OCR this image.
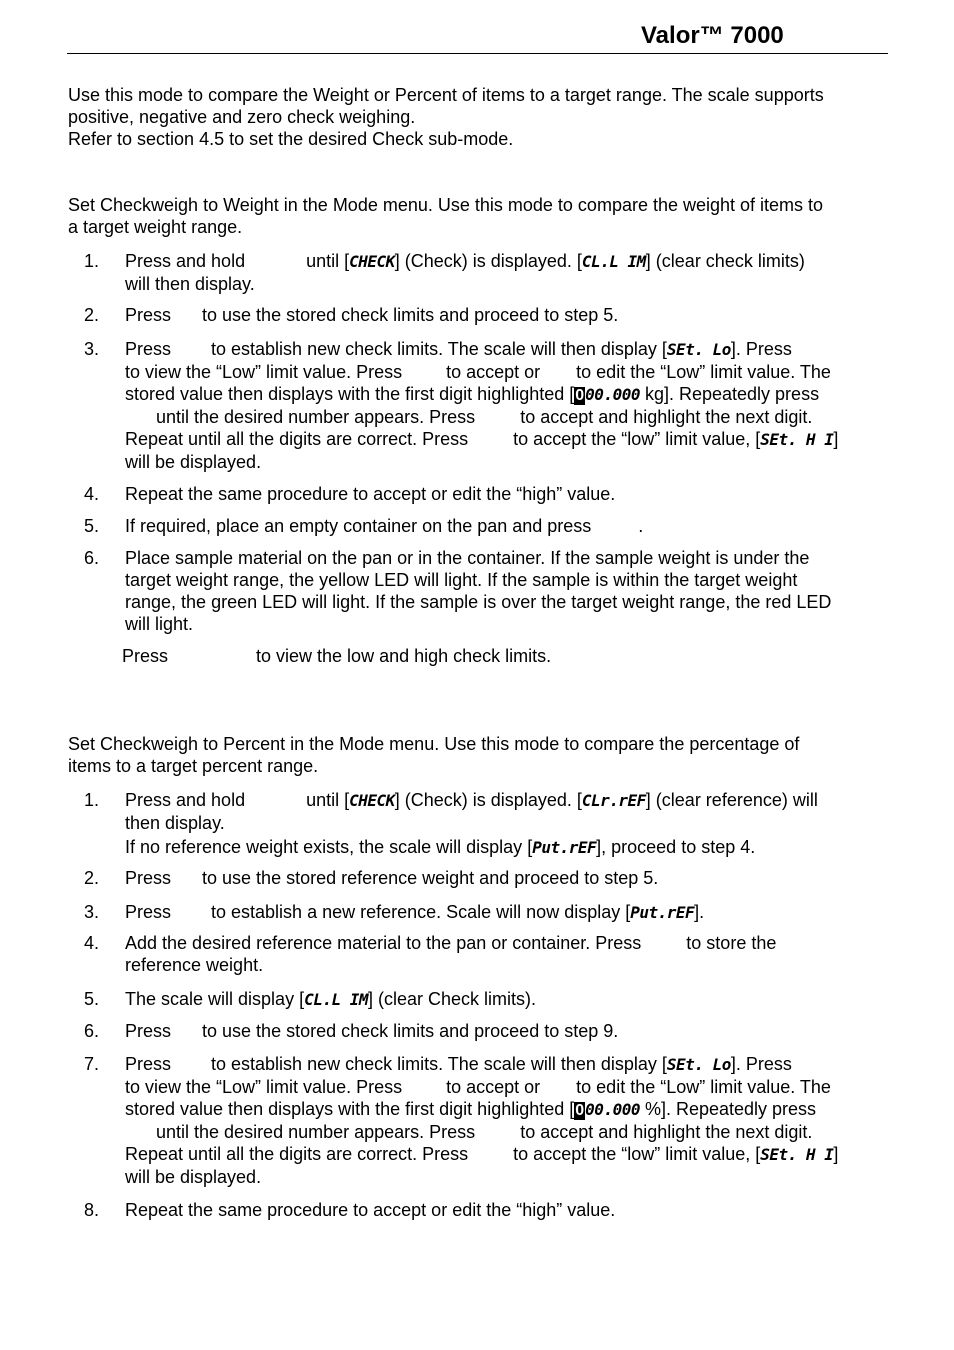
Valor™ 7000
Use this mode to compare the Weight or Percent of items to a target range. The scale supports
positive, negative and zero check weighing.
Refer to section 4.5 to set the desired Check sub-mode.
Set Checkweigh to Weight in the Mode menu. Use this mode to compare the weight of items to
a target weight range.
1. Press and hold	until [CHECK] (Check) is displayed. [CL.L IM] (clear check limits)
will then display.
2. Press to use the stored check limits and proceed to step 5.
3. Press to establish new check limits. The scale will then display [SEt. Lo]. Press
to view the “Low” limit value. Press to accept or to edit the “Low” limit value. The
stored value then displays with the first digit highlighted [000.000 kg]. Repeatedly press
until the desired number appears. Press	to accept and highlight the next digit.
Repeat until all the digits are correct. Press	to accept the “low” limit value, [SEt. H I]
will be displayed.
4. Repeat the same procedure to accept or edit the “high” value.
5. If required, place an empty container on the pan and press	.
6. Place sample material on the pan or in the container. If the sample weight is under the
target weight range, the yellow LED will light. If the sample is within the target weight
range, the green LED will light. If the sample is over the target weight range, the red LED
will light.
Press	to view the low and high check limits.
Set Checkweigh to Percent in the Mode menu. Use this mode to compare the percentage of
items to a target percent range.
1. Press and hold	until [CHECK] (Check) is displayed. [CLr.rEF] (clear reference) will
then display.
If no reference weight exists, the scale will display [Put.rEF], proceed to step 4.
2. Press to use the stored reference weight and proceed to step 5.
3. Press to establish a new reference. Scale will now display [Put.rEF].
4. Add the desired reference material to the pan or container. Press	to store the
reference weight.
5. The scale will display [CL.L IM] (clear Check limits).
6. Press to use the stored check limits and proceed to step 9.
7. Press to establish new check limits. The scale will then display [SEt. Lo]. Press
to view the “Low” limit value. Press to accept or to edit the “Low” limit value. The
stored value then displays with the first digit highlighted [000.000 %]. Repeatedly press
until the desired number appears. Press	to accept and highlight the next digit.
Repeat until all the digits are correct. Press	to accept the “low” limit value, [SEt. H I]
will be displayed.
8. Repeat the same procedure to accept or edit the “high” value.
